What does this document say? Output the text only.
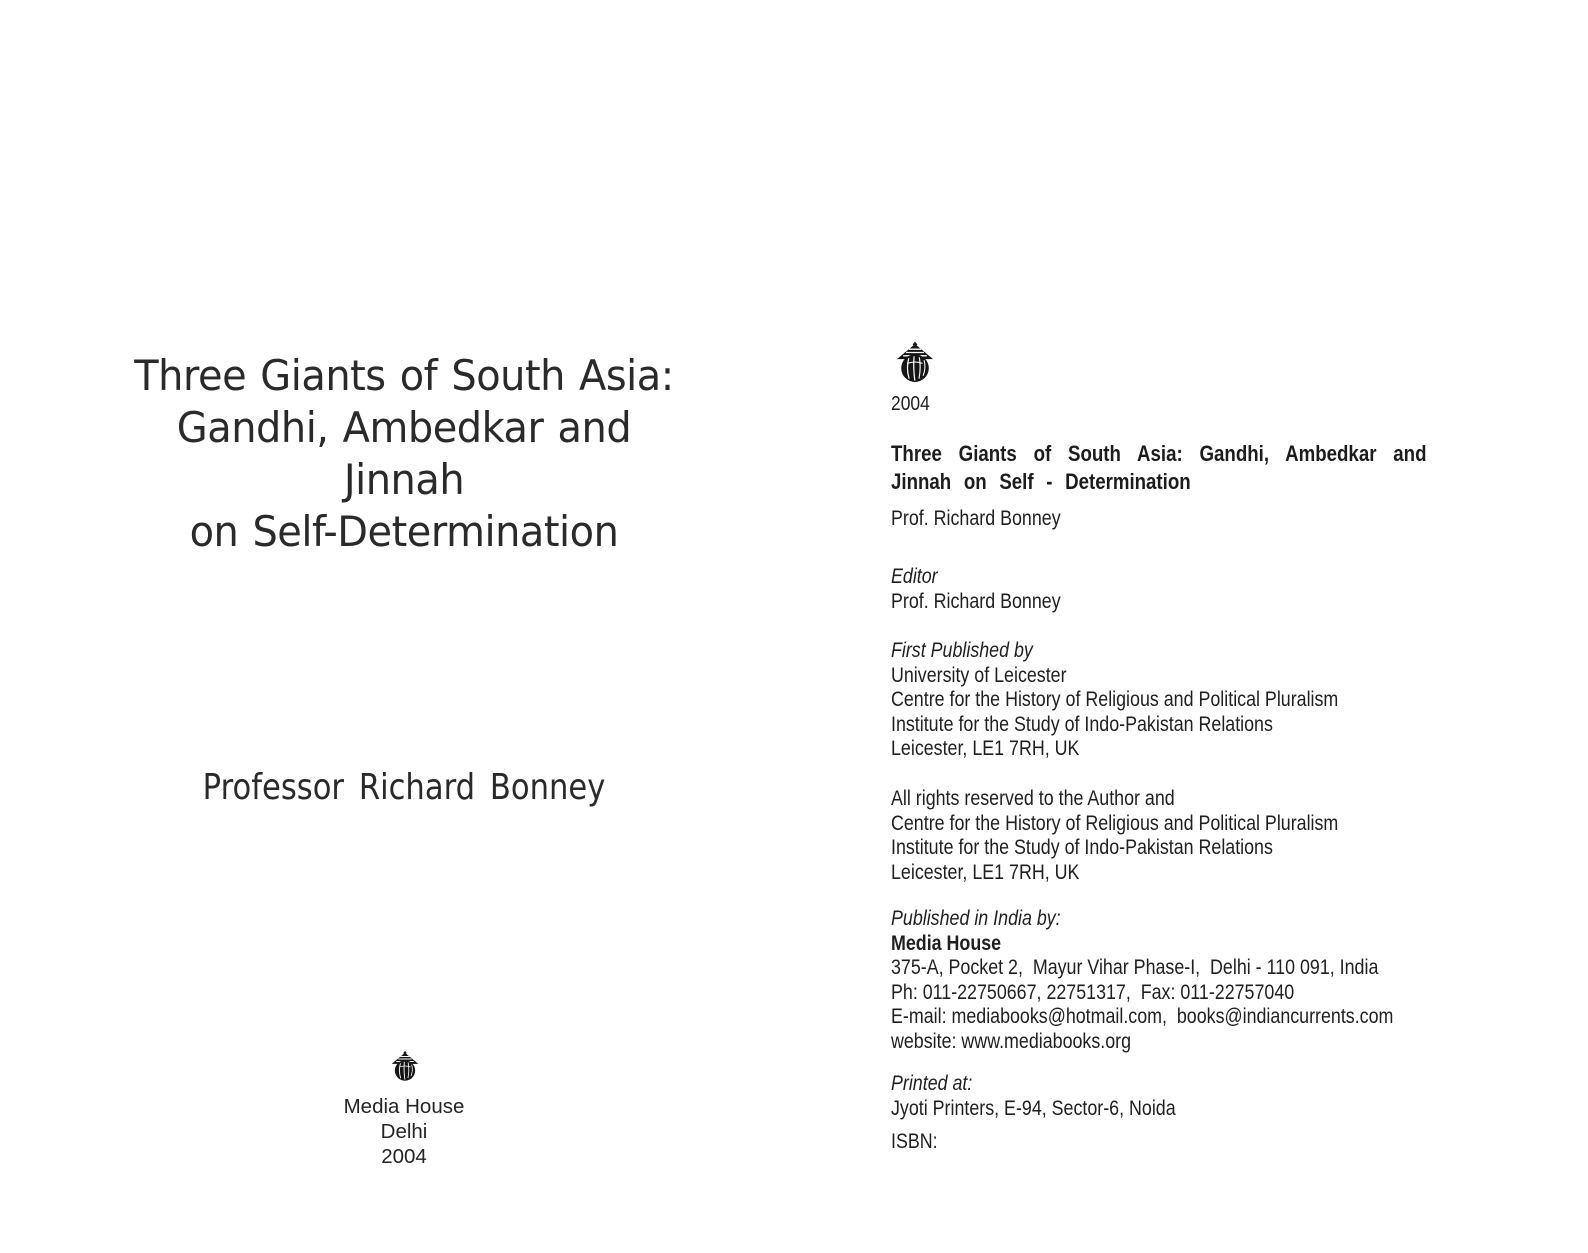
Three Giants of South Asia:
Gandhi, Ambedkar and
Jinnah
on Self-Determination
Professor Richard Bonney
Media House
Delhi
2004
2004
Three Giants of South Asia: Gandhi, Ambedkar and
Jinnah on Self - Determination
Prof. Richard Bonney
Editor
Prof. Richard Bonney
First Published by
University of Leicester
Centre for the History of Religious and Political Pluralism
Institute for the Study of Indo-Pakistan Relations
Leicester, LE1 7RH, UK
All rights reserved to the Author and
Centre for the History of Religious and Political Pluralism
Institute for the Study of Indo-Pakistan Relations
Leicester, LE1 7RH, UK
Published in India by:
Media House
375-A, Pocket 2,  Mayur Vihar Phase-I,  Delhi - 110 091, India
Ph: 011-22750667, 22751317,  Fax: 011-22757040
E-mail: mediabooks@hotmail.com,  books@indiancurrents.com
website: www.mediabooks.org
Printed at:
Jyoti Printers, E-94, Sector-6, Noida
ISBN:
